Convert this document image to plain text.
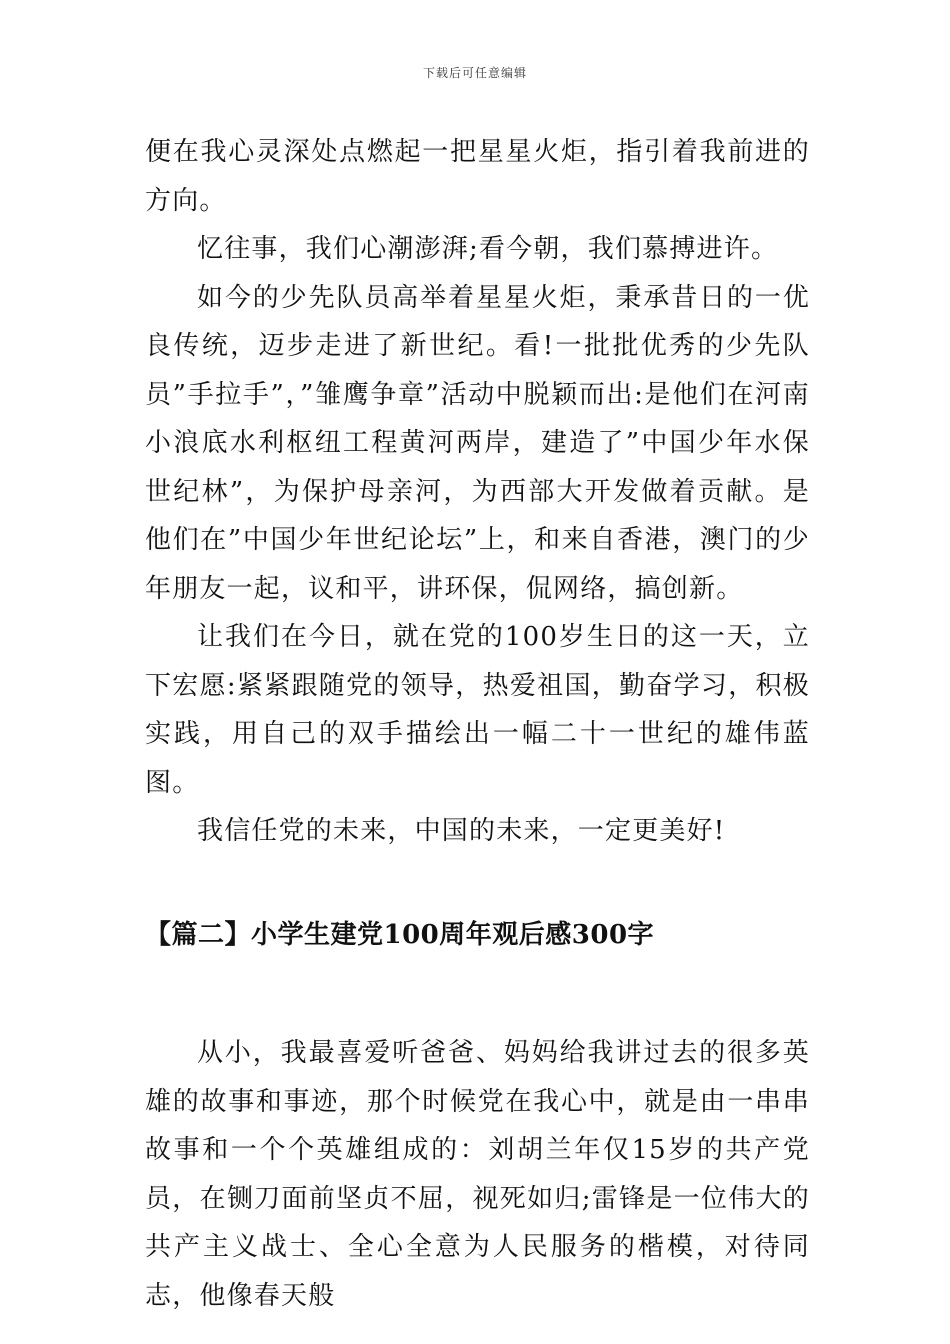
下载后可任意编辑

便在我心灵深处点燃起一把星星火炬，指引着我前进的方向。

忆往事，我们心潮澎湃;看今朝，我们慕搏进许。

如今的少先队员高举着星星火炬，秉承昔日的一优良传统，迈步走进了新世纪。看!一批批优秀的少先队员”手拉手”，”雏鹰争章”活动中脱颖而出:是他们在河南小浪底水利枢纽工程黄河两岸，建造了”中国少年水保世纪林”，为保护母亲河，为西部大开发做着贡献。是他们在”中国少年世纪论坛”上，和来自香港，澳门的少年朋友一起，议和平，讲环保，侃网络，搞创新。

让我们在今日，就在党的100岁生日的这一天，立下宏愿:紧紧跟随党的领导，热爱祖国，勤奋学习，积极实践，用自己的双手描绘出一幅二十一世纪的雄伟蓝图。

我信任党的未来，中国的未来，一定更美好!

【篇二】小学生建党100周年观后感300字

从小，我最喜爱听爸爸、妈妈给我讲过去的很多英雄的故事和事迹，那个时候党在我心中，就是由一串串故事和一个个英雄组成的：刘胡兰年仅15岁的共产党员，在铡刀面前坚贞不屈，视死如归;雷锋是一位伟大的共产主义战士、全心全意为人民服务的楷模，对待同志，他像春天般
